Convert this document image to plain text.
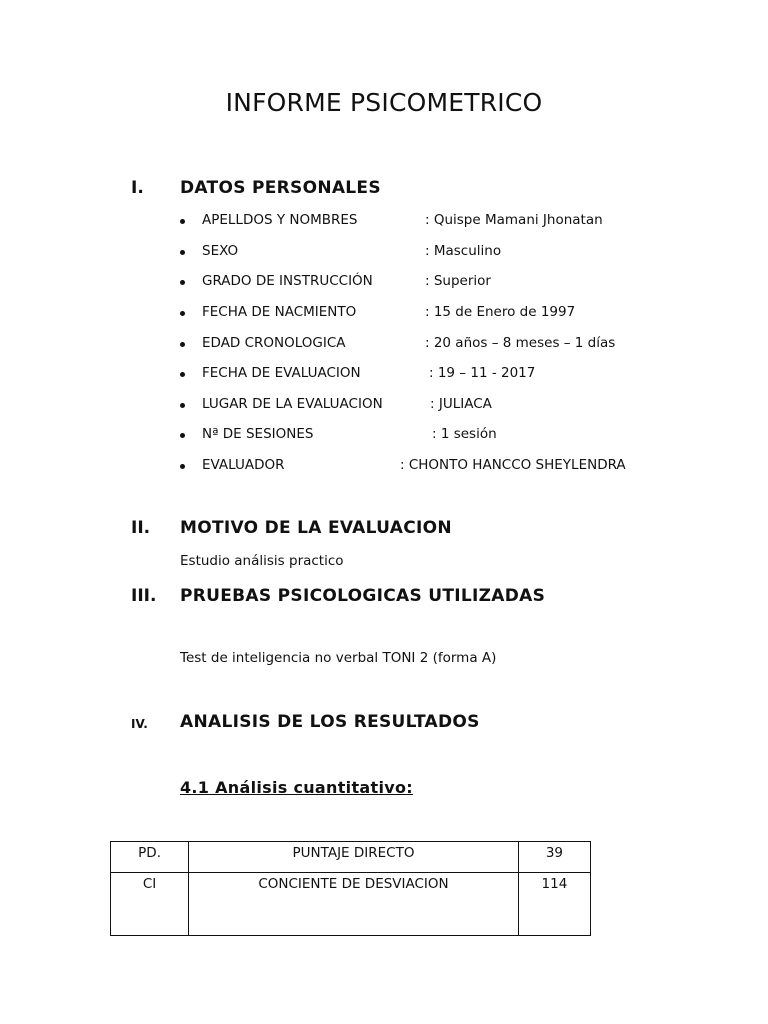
INFORME PSICOMETRICO
I. DATOS PERSONALES
APELLDOS Y NOMBRES	: Quispe Mamani Jhonatan
SEXO	: Masculino
GRADO DE INSTRUCCIÓN	: Superior
FECHA DE NACMIENTO	: 15 de Enero de 1997
EDAD CRONOLOGICA	: 20 años – 8 meses – 1 días
FECHA DE EVALUACION	: 19 – 11 - 2017
LUGAR DE LA EVALUACION	: JULIACA
Nª DE SESIONES	: 1 sesión
EVALUADOR	: CHONTO HANCCO SHEYLENDRA
II. MOTIVO DE LA EVALUACION
Estudio análisis practico
III. PRUEBAS PSICOLOGICAS UTILIZADAS
Test de inteligencia no verbal TONI 2 (forma A)
IV. ANALISIS DE LOS RESULTADOS
4.1 Análisis cuantitativo:
PD.	PUNTAJE DIRECTO	39
CI	CONCIENTE DE DESVIACION	114
